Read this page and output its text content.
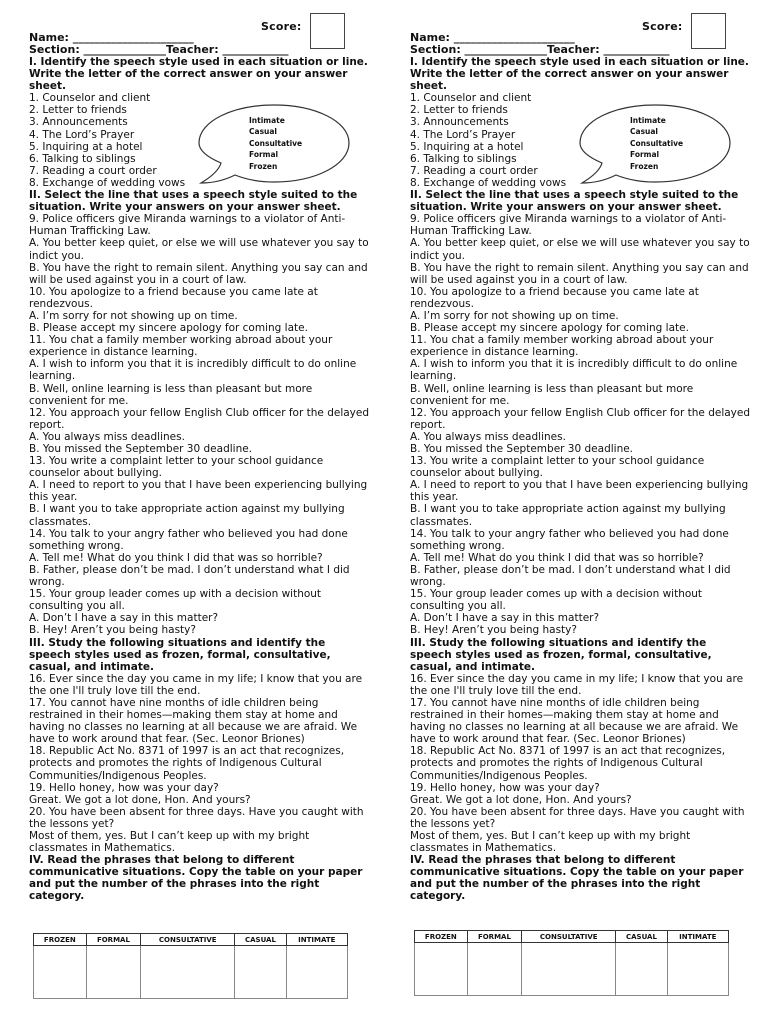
Score:
Name: ______________________
Section: _______________Teacher: ____________

I. Identify the speech style used in each situation or line. Write the letter of the correct answer on your answer sheet.

1. Counselor and client

2. Letter to friends

3. Announcements

4. The Lord’s Prayer

5. Inquiring at a hotel

6. Talking to siblings

7. Reading a court order

8. Exchange of wedding vows

II. Select the line that uses a speech style suited to the situation. Write your answers on your answer sheet.

9. Police officers give Miranda warnings to a violator of Anti-Human Trafficking Law.

A. You better keep quiet, or else we will use whatever you say to indict you.

B. You have the right to remain silent. Anything you say can and will be used against you in a court of law.

10. You apologize to a friend because you came late at rendezvous.

A. I’m sorry for not showing up on time.

B. Please accept my sincere apology for coming late.

11. You chat a family member working abroad about your experience in distance learning.

A. I wish to inform you that it is incredibly difficult to do online learning.

B. Well, online learning is less than pleasant but more convenient for me.

12. You approach your fellow English Club officer for the delayed report.

A. You always miss deadlines.

B. You missed the September 30 deadline.

13. You write a complaint letter to your school guidance counselor about bullying.

A. I need to report to you that I have been experiencing bullying this year.

B. I want you to take appropriate action against my bullying classmates.

14. You talk to your angry father who believed you had done something wrong.

A. Tell me! What do you think I did that was so horrible?

B. Father, please don’t be mad. I don’t understand what I did wrong.

15. Your group leader comes up with a decision without consulting you all.

A. Don’t I have a say in this matter?

B. Hey! Aren’t you being hasty?

III. Study the following situations and identify the speech styles used as frozen, formal, consultative, casual, and intimate.

16. Ever since the day you came in my life; I know that you are the one I'll truly love till the end.

17. You cannot have nine months of idle children being restrained in their homes—making them stay at home and having no classes no learning at all because we are afraid. We have to work around that fear. (Sec. Leonor Briones)

18. Republic Act No. 8371 of 1997 is an act that recognizes, protects and promotes the rights of Indigenous Cultural Communities/Indigenous Peoples.

19. Hello honey, how was your day?

Great. We got a lot done, Hon. And yours?

20. You have been absent for three days. Have you caught with the lessons yet?

Most of them, yes. But I can’t keep up with my bright classmates in Mathematics.

IV. Read the phrases that belong to different communicative situations. Copy the table on your paper and put the number of the phrases into the right category.

Intimate
Casual
Consultative
Formal
Frozen
FROZEN	FORMAL	CONSULTATIVE	CASUAL	INTIMATE

Score:
Name: ______________________
Section: _______________Teacher: ____________

I. Identify the speech style used in each situation or line. Write the letter of the correct answer on your answer sheet.

1. Counselor and client

2. Letter to friends

3. Announcements

4. The Lord’s Prayer

5. Inquiring at a hotel

6. Talking to siblings

7. Reading a court order

8. Exchange of wedding vows

II. Select the line that uses a speech style suited to the situation. Write your answers on your answer sheet.

9. Police officers give Miranda warnings to a violator of Anti-Human Trafficking Law.

A. You better keep quiet, or else we will use whatever you say to indict you.

B. You have the right to remain silent. Anything you say can and will be used against you in a court of law.

10. You apologize to a friend because you came late at rendezvous.

A. I’m sorry for not showing up on time.

B. Please accept my sincere apology for coming late.

11. You chat a family member working abroad about your experience in distance learning.

A. I wish to inform you that it is incredibly difficult to do online learning.

B. Well, online learning is less than pleasant but more convenient for me.

12. You approach your fellow English Club officer for the delayed report.

A. You always miss deadlines.

B. You missed the September 30 deadline.

13. You write a complaint letter to your school guidance counselor about bullying.

A. I need to report to you that I have been experiencing bullying this year.

B. I want you to take appropriate action against my bullying classmates.

14. You talk to your angry father who believed you had done something wrong.

A. Tell me! What do you think I did that was so horrible?

B. Father, please don’t be mad. I don’t understand what I did wrong.

15. Your group leader comes up with a decision without consulting you all.

A. Don’t I have a say in this matter?

B. Hey! Aren’t you being hasty?

III. Study the following situations and identify the speech styles used as frozen, formal, consultative, casual, and intimate.

16. Ever since the day you came in my life; I know that you are the one I'll truly love till the end.

17. You cannot have nine months of idle children being restrained in their homes—making them stay at home and having no classes no learning at all because we are afraid. We have to work around that fear. (Sec. Leonor Briones)

18. Republic Act No. 8371 of 1997 is an act that recognizes, protects and promotes the rights of Indigenous Cultural Communities/Indigenous Peoples.

19. Hello honey, how was your day?

Great. We got a lot done, Hon. And yours?

20. You have been absent for three days. Have you caught with the lessons yet?

Most of them, yes. But I can’t keep up with my bright classmates in Mathematics.

IV. Read the phrases that belong to different communicative situations. Copy the table on your paper and put the number of the phrases into the right category.

Intimate
Casual
Consultative
Formal
Frozen
FROZEN	FORMAL	CONSULTATIVE	CASUAL	INTIMATE
